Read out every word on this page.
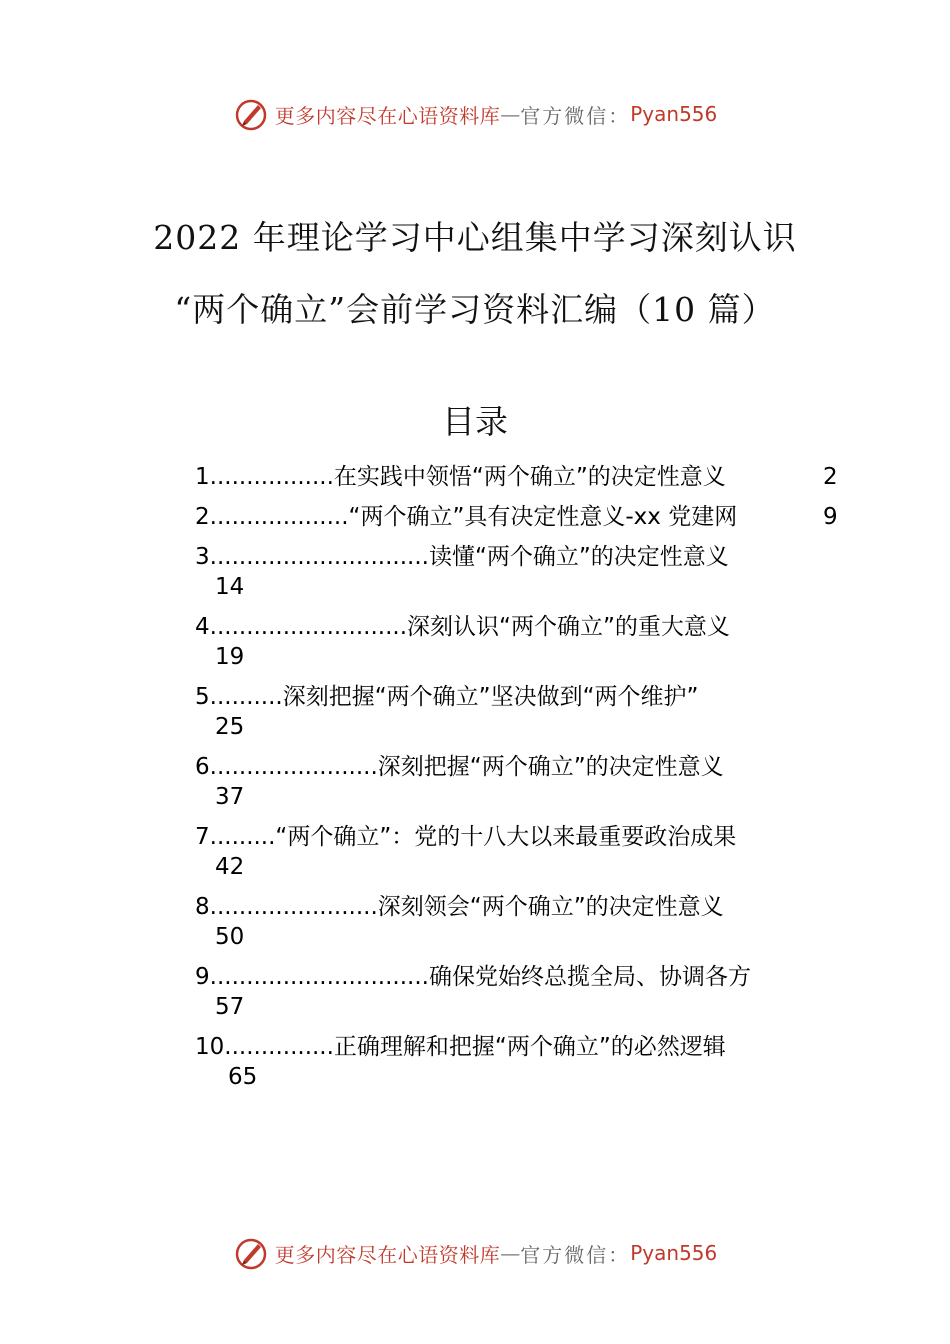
更多内容尽在心语资料库 — 官方微信： Pyan556
2022 年理论学习中心组集中学习深刻认识
“两个确立”会前学习资料汇编（10 篇）
目录
1.................在实践中领悟“两个确立”的决定性意义	2
2...................“两个确立”具有决定性意义-xx 党建网	9
3..............................读懂“两个确立”的决定性意义
14
4...........................深刻认识“两个确立”的重大意义
19
5..........深刻把握“两个确立”坚决做到“两个维护”
25
6.......................深刻把握“两个确立”的决定性意义
37
7.........“两个确立”：党的十八大以来最重要政治成果
42
8.......................深刻领会“两个确立”的决定性意义
50
9..............................确保党始终总揽全局、协调各方
57
10...............正确理解和把握“两个确立”的必然逻辑
65
更多内容尽在心语资料库 — 官方微信： Pyan556
